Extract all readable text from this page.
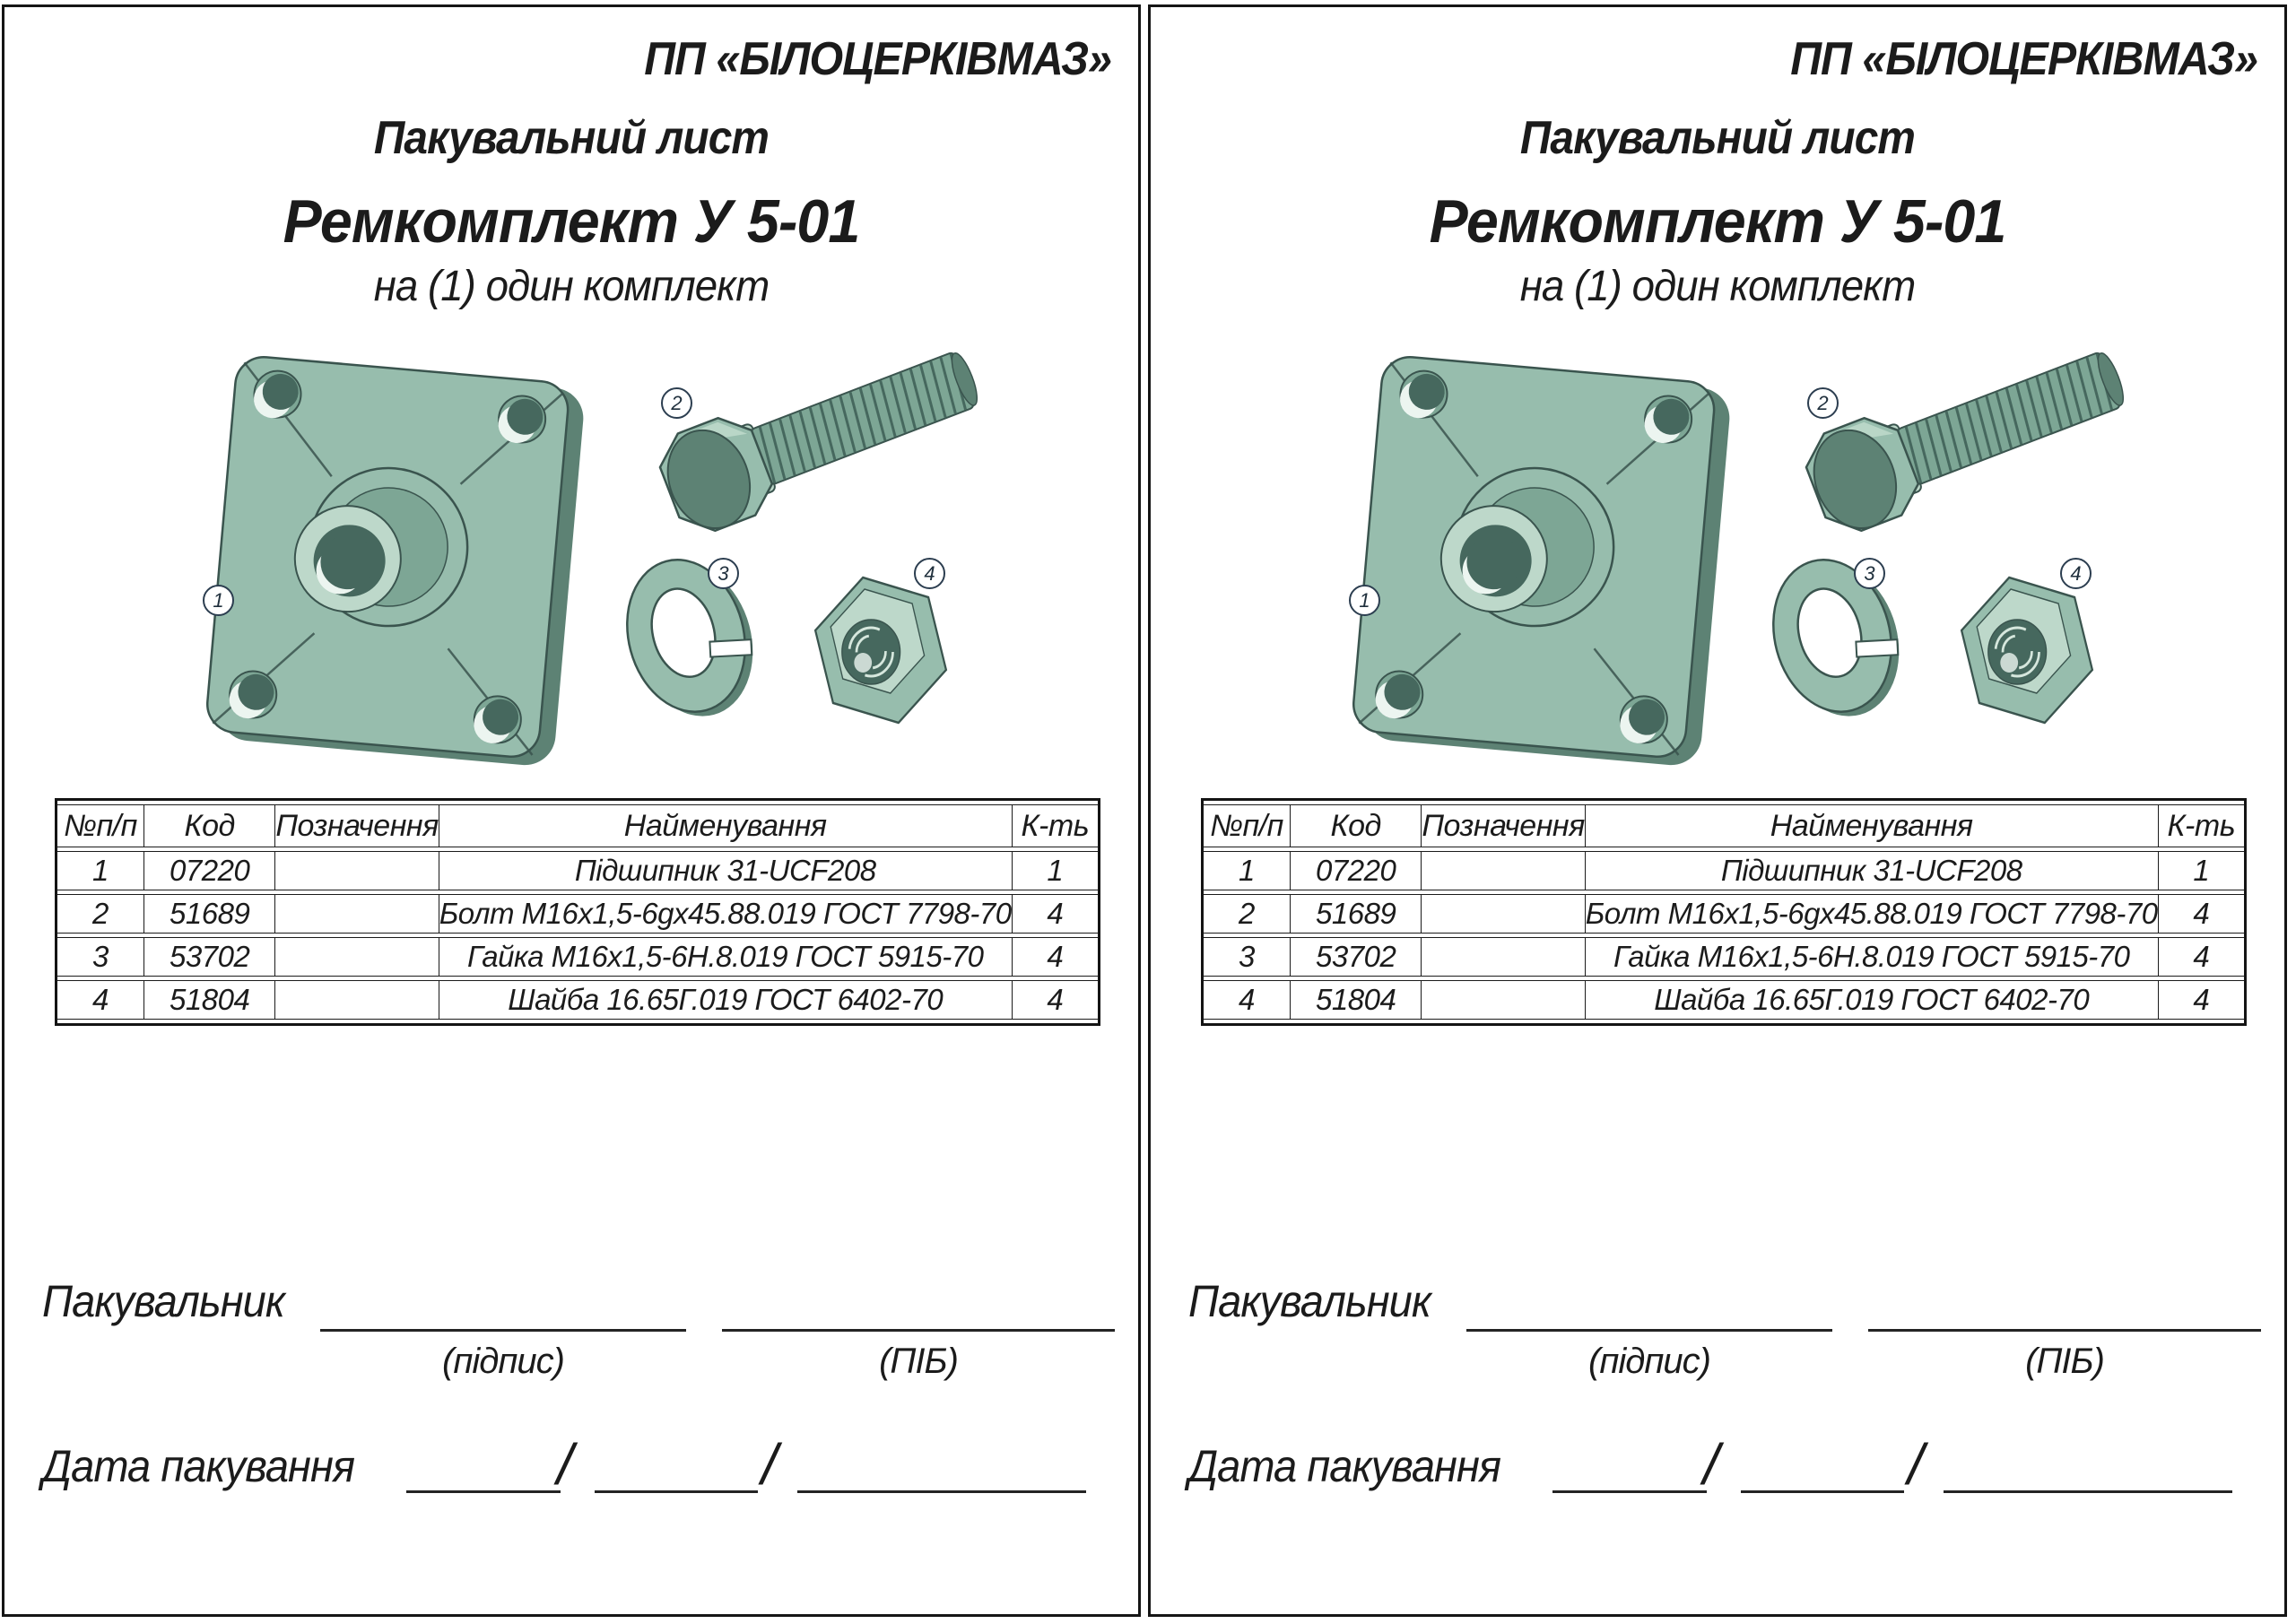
ПП «БІЛОЦЕРКІВМАЗ»
Пакувальний лист
Ремкомплект У 5-01
на (1) один комплект
1
2
3	4
№п/п	Код	Позначення	Найменування	К-ть
1	07220		Підшипник 31-UCF208	1
2	51689		Болт М16х1,5-6gх45.88.019 ГОСТ 7798-70	4
3	53702		Гайка М16х1,5-6Н.8.019 ГОСТ 5915-70	4
4	51804		Шайба 16.65Г.019 ГОСТ 6402-70	4
Пакувальник
(підпис)	(ПІБ)
Дата пакування	/	/
ПП «БІЛОЦЕРКІВМАЗ»
Пакувальний лист
Ремкомплект У 5-01
на (1) один комплект
1
2
3	4
№п/п	Код	Позначення	Найменування	К-ть
1	07220		Підшипник 31-UCF208	1
2	51689		Болт М16х1,5-6gх45.88.019 ГОСТ 7798-70	4
3	53702		Гайка М16х1,5-6Н.8.019 ГОСТ 5915-70	4
4	51804		Шайба 16.65Г.019 ГОСТ 6402-70	4
Пакувальник
(підпис)	(ПІБ)
Дата пакування	/	/
